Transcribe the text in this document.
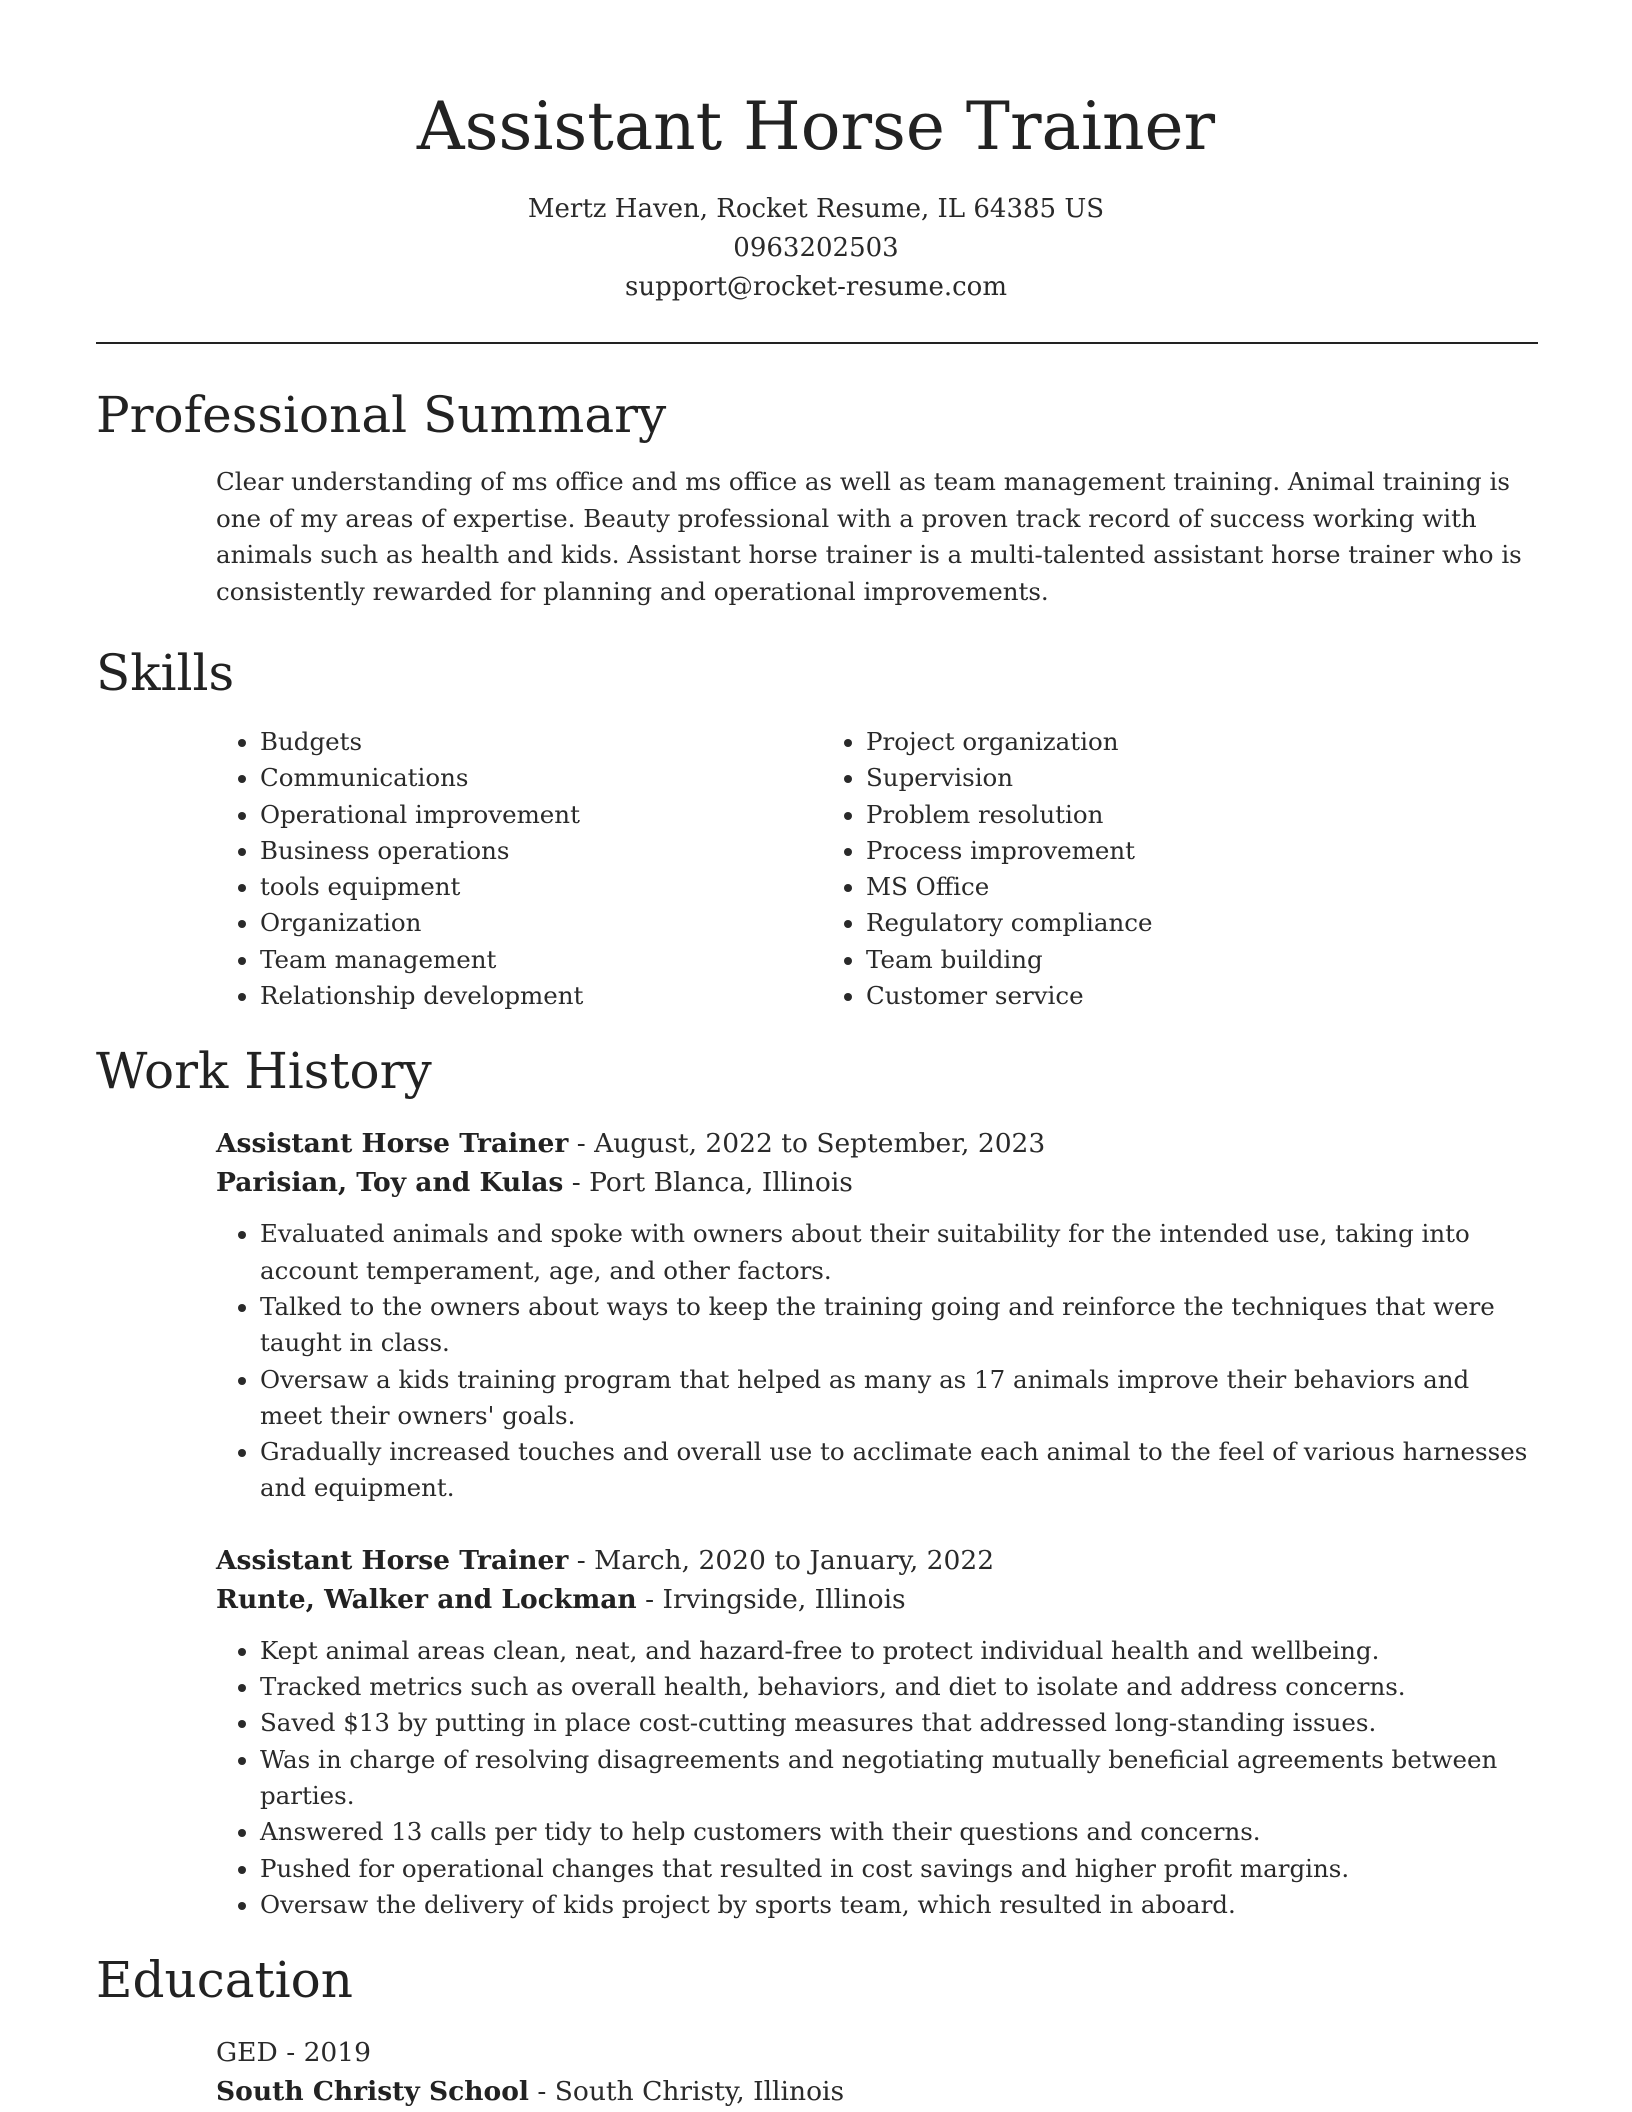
Assistant Horse Trainer
Mertz Haven, Rocket Resume, IL 64385 US
0963202503
support@rocket-resume.com
Professional Summary

Clear understanding of ms office and ms office as well as team management training. Animal training is one of my areas of expertise. Beauty professional with a proven track record of success working with animals such as health and kids. Assistant horse trainer is a multi-talented assistant horse trainer who is consistently rewarded for planning and operational improvements.

Skills
• Budgets
• Communications
• Operational improvement
• Business operations
• tools equipment
• Organization
• Team management
• Relationship development
• Project organization
• Supervision
• Problem resolution
• Process improvement
• MS Office
• Regulatory compliance
• Team building
• Customer service
Work History
Assistant Horse Trainer - August, 2022 to September, 2023
Parisian, Toy and Kulas - Port Blanca, Illinois
• Evaluated animals and spoke with owners about their suitability for the intended use, taking into account temperament, age, and other factors.
• Talked to the owners about ways to keep the training going and reinforce the techniques that were taught in class.
• Oversaw a kids training program that helped as many as 17 animals improve their behaviors and meet their owners' goals.
• Gradually increased touches and overall use to acclimate each animal to the feel of various harnesses and equipment.
Assistant Horse Trainer - March, 2020 to January, 2022
Runte, Walker and Lockman - Irvingside, Illinois
• Kept animal areas clean, neat, and hazard-free to protect individual health and wellbeing.
• Tracked metrics such as overall health, behaviors, and diet to isolate and address concerns.
• Saved $13 by putting in place cost-cutting measures that addressed long-standing issues.
• Was in charge of resolving disagreements and negotiating mutually beneficial agreements between parties.
• Answered 13 calls per tidy to help customers with their questions and concerns.
• Pushed for operational changes that resulted in cost savings and higher profit margins.
• Oversaw the delivery of kids project by sports team, which resulted in aboard.
Education
GED - 2019
South Christy School - South Christy, Illinois
